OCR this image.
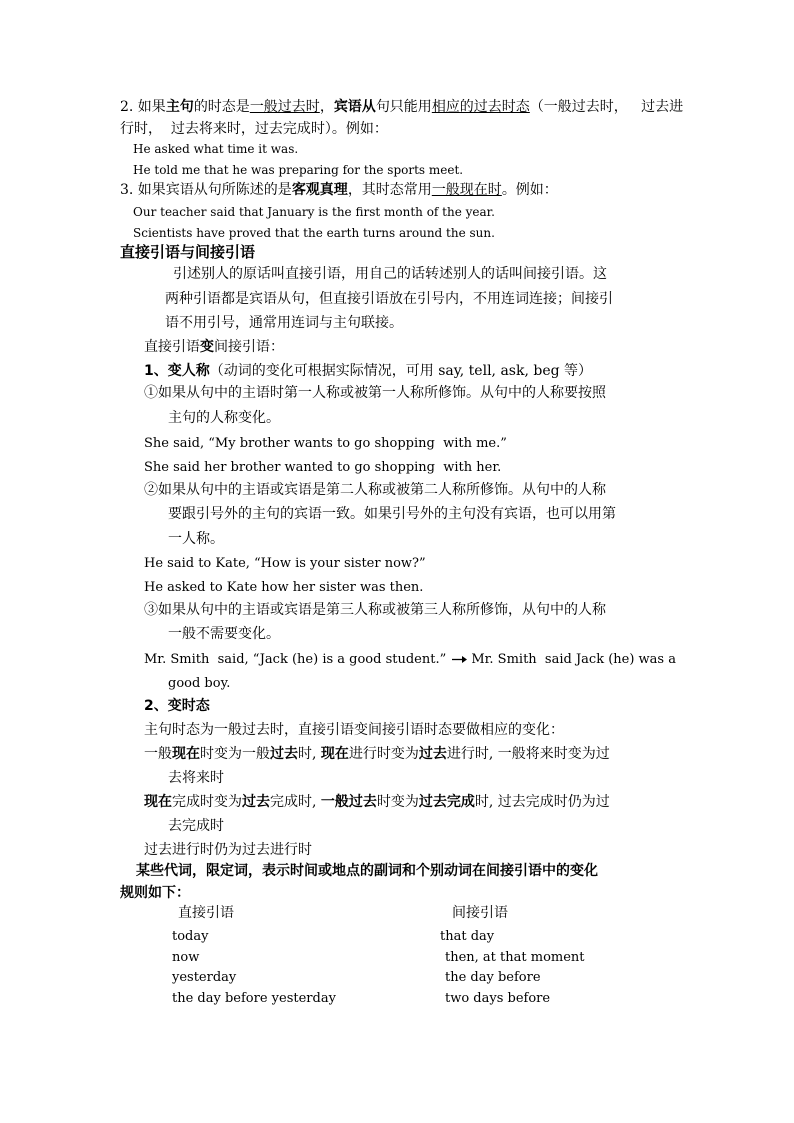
2. 如果主句的时态是一般过去时，宾语从句只能用相应的过去时态（一般过去时，   过去进
行时，  过去将来时，过去完成时）。例如：
He asked what time it was.
He told me that he was preparing for the sports meet.
3. 如果宾语从句所陈述的是客观真理，其时态常用一般现在时。例如：
Our teacher said that January is the first month of the year.
Scientists have proved that the earth turns around the sun.
直接引语与间接引语
引述别人的原话叫直接引语，用自己的话转述别人的话叫间接引语。这
两种引语都是宾语从句，但直接引语放在引号内，不用连词连接；间接引
语不用引号，通常用连词与主句联接。
直接引语变间接引语：
1、变人称（动词的变化可根据实际情况，可用 say, tell, ask, beg 等）
①如果从句中的主语时第一人称或被第一人称所修饰。从句中的人称要按照
主句的人称变化。
She said, “My brother wants to go shopping  with me.”
She said her brother wanted to go shopping  with her.
②如果从句中的主语或宾语是第二人称或被第二人称所修饰。从句中的人称
要跟引号外的主句的宾语一致。如果引号外的主句没有宾语，也可以用第
一人称。
He said to Kate, “How is your sister now?”
He asked to Kate how her sister was then.
③如果从句中的主语或宾语是第三人称或被第三人称所修饰，从句中的人称
一般不需要变化。
Mr. Smith  said, “Jack (he) is a good student.” Mr. Smith  said Jack (he) was a
good boy.
2、变时态
主句时态为一般过去时，直接引语变间接引语时态要做相应的变化：
一般现在时变为一般过去时, 现在进行时变为过去进行时, 一般将来时变为过
去将来时
现在完成时变为过去完成时, 一般过去时变为过去完成时, 过去完成时仍为过
去完成时
过去进行时仍为过去进行时
某些代词，限定词，表示时间或地点的副词和个别动词在间接引语中的变化
规则如下：
直接引语	间接引语
today	that day
now	then, at that moment
yesterday	the day before
the day before yesterday	two days before
